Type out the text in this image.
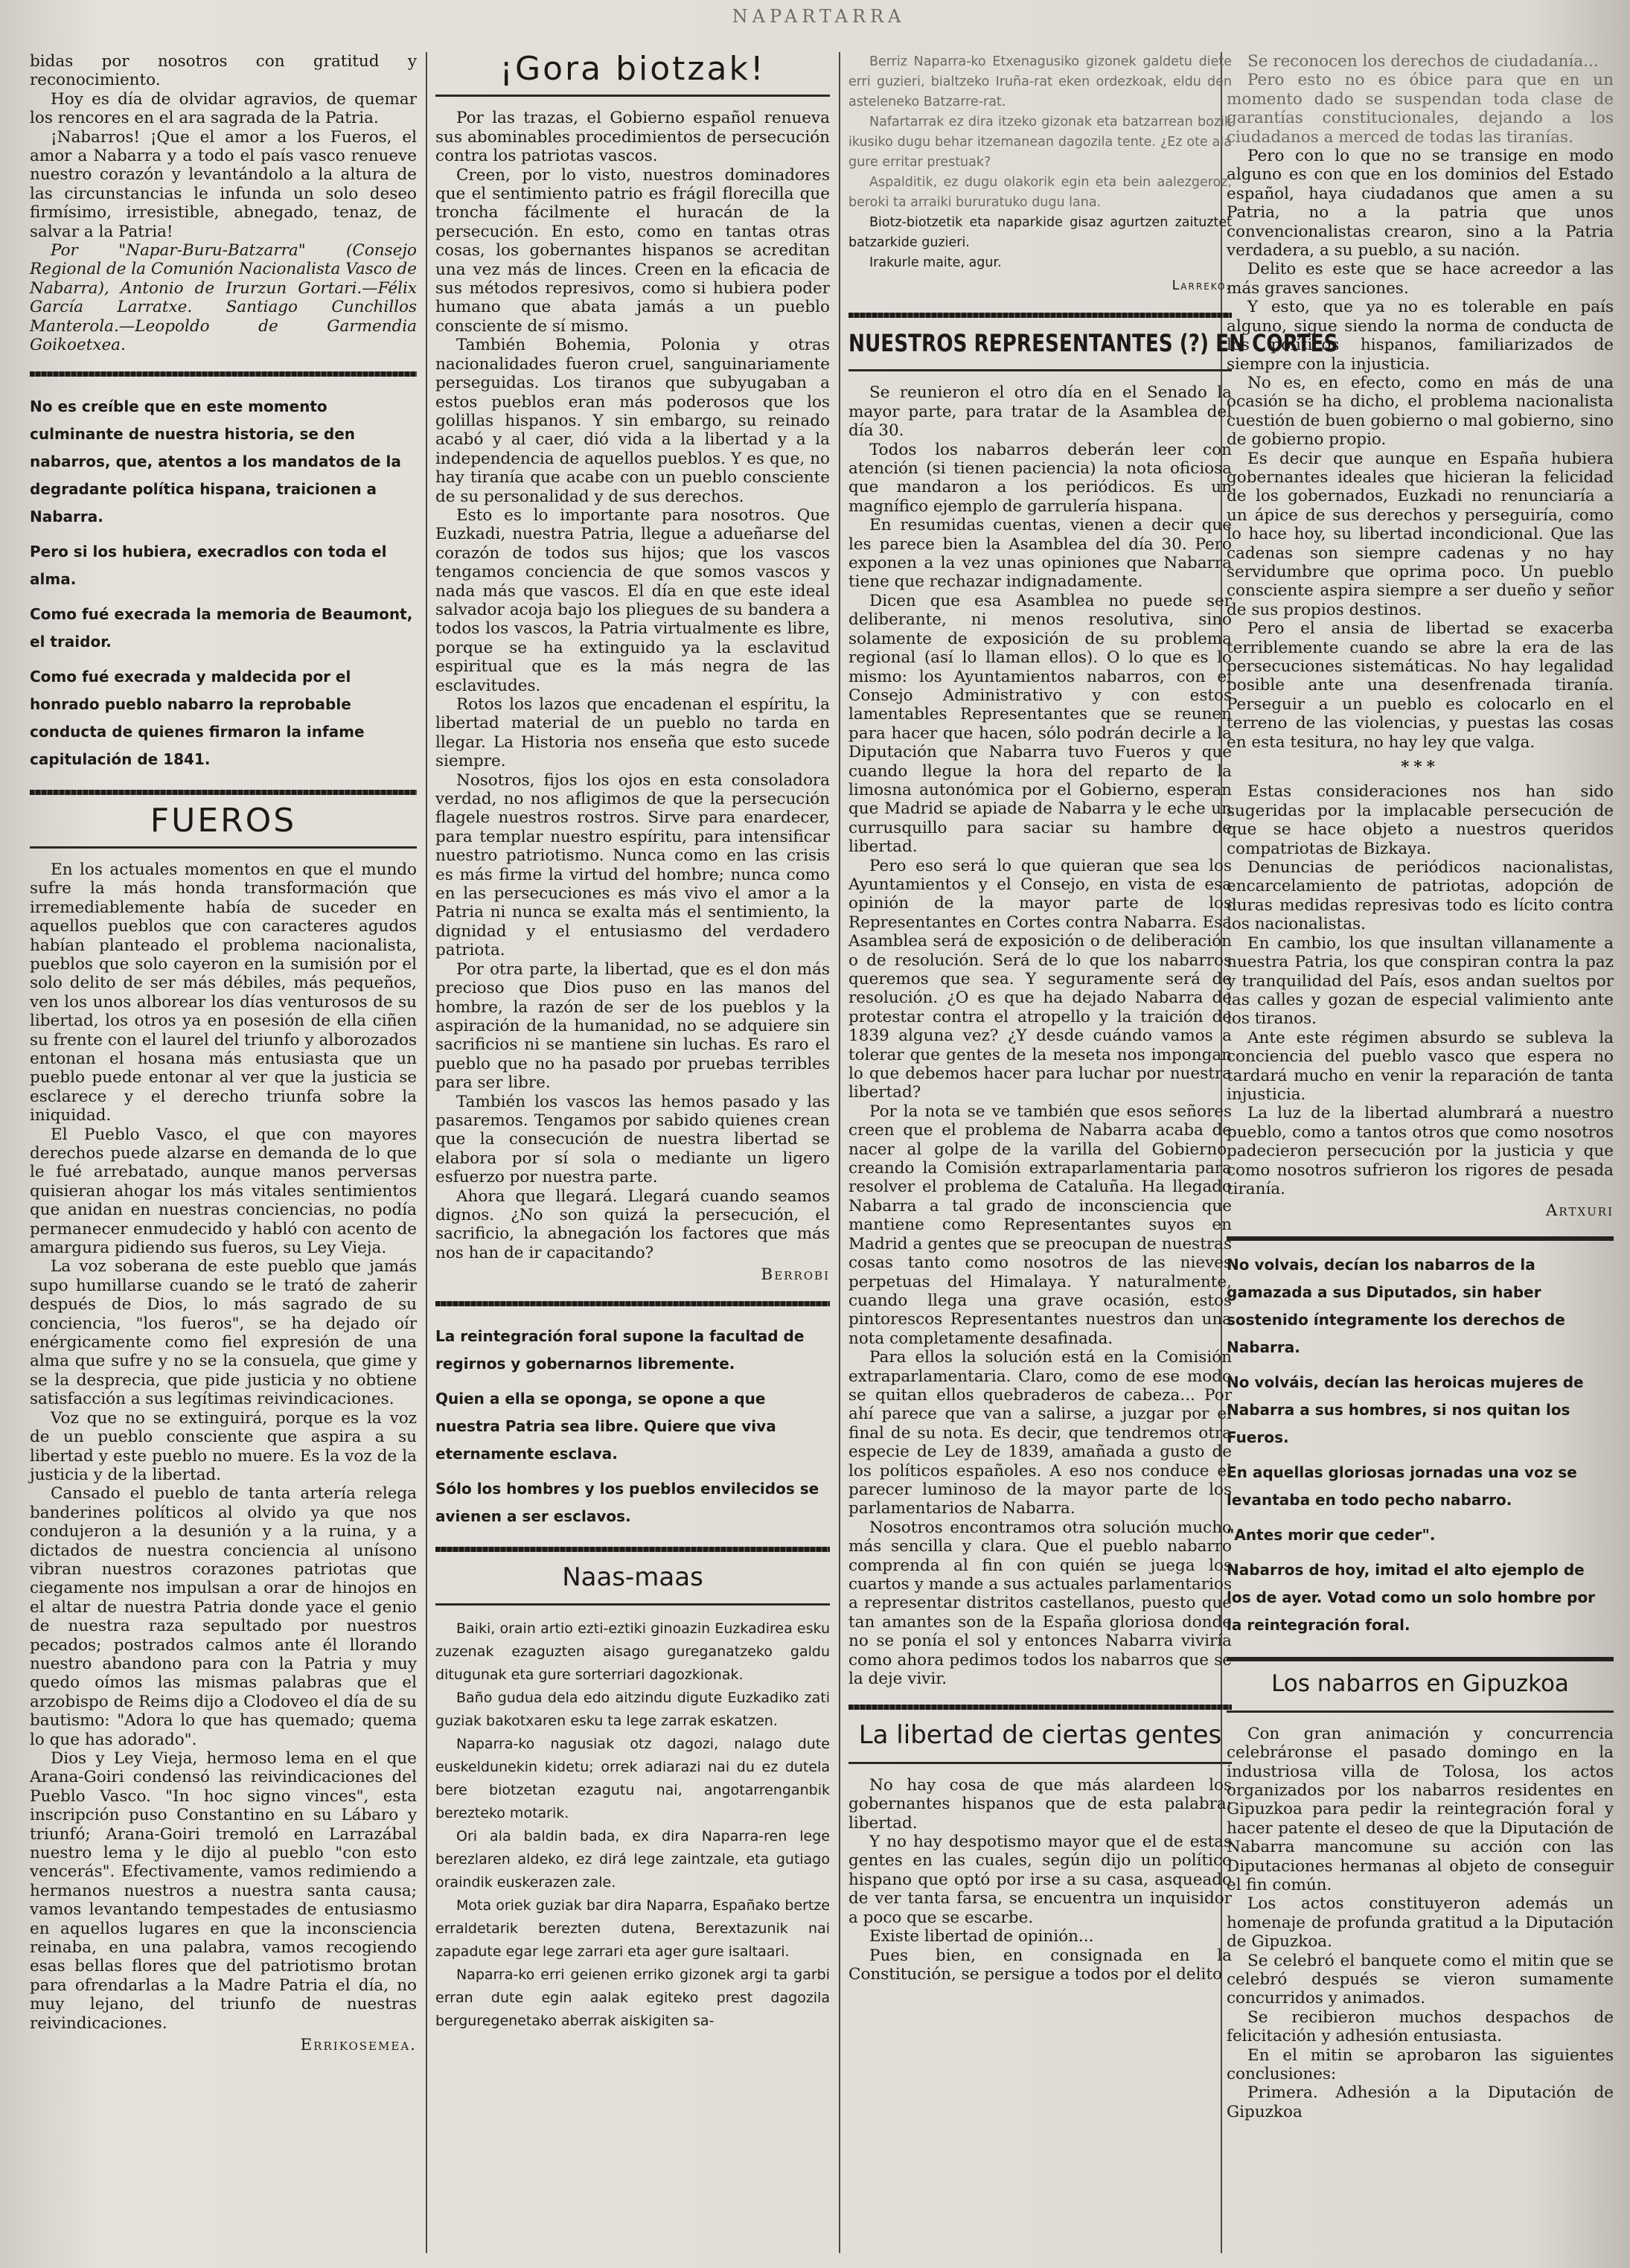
NAPARTARRA

bidas por nosotros con gratitud y reconocimiento.

Hoy es día de olvidar agravios, de quemar los rencores en el ara sagrada de la Patria.

¡Nabarros! ¡Que el amor a los Fueros, el amor a Nabarra y a todo el país vasco renueve nuestro corazón y levantándolo a la altura de las circunstancias le infunda un solo deseo firmísimo, irresistible, abnegado, tenaz, de salvar a la Patria!

Por "Napar-Buru-Batzarra" (Consejo Regional de la Comunión Nacionalista Vasco de Nabarra), Antonio de Irurzun Gortari.—Félix García Larratxe. Santiago Cunchillos Manterola.—Leopoldo de Garmendia Goikoetxea.

No es creíble que en este momento culminante de nuestra historia, se den nabarros, que, atentos a los mandatos de la degradante política hispana, traicionen a Nabarra.

Pero si los hubiera, execradlos con toda el alma.

Como fué execrada la memoria de Beaumont, el traidor.

Como fué execrada y maldecida por el honrado pueblo nabarro la reprobable conducta de quienes firmaron la infame capitulación de 1841.

FUEROS

En los actuales momentos en que el mundo sufre la más honda transformación que irremediablemente había de suceder en aquellos pueblos que con caracteres agudos habían planteado el problema nacionalista, pueblos que solo cayeron en la sumisión por el solo delito de ser más débiles, más pequeños, ven los unos alborear los días venturosos de su libertad, los otros ya en posesión de ella ciñen su frente con el laurel del triunfo y alborozados entonan el hosana más entusiasta que un pueblo puede entonar al ver que la justicia se esclarece y el derecho triunfa sobre la iniquidad.

El Pueblo Vasco, el que con mayores derechos puede alzarse en demanda de lo que le fué arrebatado, aunque manos perversas quisieran ahogar los más vitales sentimientos que anidan en nuestras conciencias, no podía permanecer enmudecido y habló con acento de amargura pidiendo sus fueros, su Ley Vieja.

La voz soberana de este pueblo que jamás supo humillarse cuando se le trató de zaherir después de Dios, lo más sagrado de su conciencia, "los fueros", se ha dejado oír enérgicamente como fiel expresión de una alma que sufre y no se la consuela, que gime y se la desprecia, que pide justicia y no obtiene satisfacción a sus legítimas reivindicaciones.

Voz que no se extinguirá, porque es la voz de un pueblo consciente que aspira a su libertad y este pueblo no muere. Es la voz de la justicia y de la libertad.

Cansado el pueblo de tanta artería relega banderines políticos al olvido ya que nos condujeron a la desunión y a la ruina, y a dictados de nuestra conciencia al unísono vibran nuestros corazones patriotas que ciegamente nos impulsan a orar de hinojos en el altar de nuestra Patria donde yace el genio de nuestra raza sepultado por nuestros pecados; postrados calmos ante él llorando nuestro abandono para con la Patria y muy quedo oímos las mismas palabras que el arzobispo de Reims dijo a Clodoveo el día de su bautismo: "Adora lo que has quemado; quema lo que has adorado".

Dios y Ley Vieja, hermoso lema en el que Arana-Goiri condensó las reivindicaciones del Pueblo Vasco. "In hoc signo vinces", esta inscripción puso Constantino en su Lábaro y triunfó; Arana-Goiri tremoló en Larrazábal nuestro lema y le dijo al pueblo "con esto vencerás". Efectivamente, vamos redimiendo a hermanos nuestros a nuestra santa causa; vamos levantando tempestades de entusiasmo en aquellos lugares en que la inconsciencia reinaba, en una palabra, vamos recogiendo esas bellas flores que del patriotismo brotan para ofrendarlas a la Madre Patria el día, no muy lejano, del triunfo de nuestras reivindicaciones.

Errikosemea.

¡Gora biotzak!

Por las trazas, el Gobierno español renueva sus abominables procedimientos de persecución contra los patriotas vascos.

Creen, por lo visto, nuestros dominadores que el sentimiento patrio es frágil florecilla que troncha fácilmente el huracán de la persecución. En esto, como en tantas otras cosas, los gobernantes hispanos se acreditan una vez más de linces. Creen en la eficacia de sus métodos represivos, como si hubiera poder humano que abata jamás a un pueblo consciente de sí mismo.

También Bohemia, Polonia y otras nacionalidades fueron cruel, sanguinariamente perseguidas. Los tiranos que subyugaban a estos pueblos eran más poderosos que los golillas hispanos. Y sin embargo, su reinado acabó y al caer, dió vida a la libertad y a la independencia de aquellos pueblos. Y es que, no hay tiranía que acabe con un pueblo consciente de su personalidad y de sus derechos.

Esto es lo importante para nosotros. Que Euzkadi, nuestra Patria, llegue a adueñarse del corazón de todos sus hijos; que los vascos tengamos conciencia de que somos vascos y nada más que vascos. El día en que este ideal salvador acoja bajo los pliegues de su bandera a todos los vascos, la Patria virtualmente es libre, porque se ha extinguido ya la esclavitud espiritual que es la más negra de las esclavitudes.

Rotos los lazos que encadenan el espíritu, la libertad material de un pueblo no tarda en llegar. La Historia nos enseña que esto sucede siempre.

Nosotros, fijos los ojos en esta consoladora verdad, no nos afligimos de que la persecución flagele nuestros rostros. Sirve para enardecer, para templar nuestro espíritu, para intensificar nuestro patriotismo. Nunca como en las crisis es más firme la virtud del hombre; nunca como en las persecuciones es más vivo el amor a la Patria ni nunca se exalta más el sentimiento, la dignidad y el entusiasmo del verdadero patriota.

Por otra parte, la libertad, que es el don más precioso que Dios puso en las manos del hombre, la razón de ser de los pueblos y la aspiración de la humanidad, no se adquiere sin sacrificios ni se mantiene sin luchas. Es raro el pueblo que no ha pasado por pruebas terribles para ser libre.

También los vascos las hemos pasado y las pasaremos. Tengamos por sabido quienes crean que la consecución de nuestra libertad se elabora por sí sola o mediante un ligero esfuerzo por nuestra parte.

Ahora que llegará. Llegará cuando seamos dignos. ¿No son quizá la persecución, el sacrificio, la abnegación los factores que más nos han de ir capacitando?

Berrobi

La reintegración foral supone la facultad de regirnos y gobernarnos libremente.

Quien a ella se oponga, se opone a que nuestra Patria sea libre. Quiere que viva eternamente esclava.

Sólo los hombres y los pueblos envilecidos se avienen a ser esclavos.

Naas-maas

Baiki, orain artio ezti-eztiki ginoazin Euzkadirea esku zuzenak ezaguzten aisago gureganatzeko galdu ditugunak eta gure sorterriari dagozkionak.

Baño gudua dela edo aitzindu digute Euzkadiko zati guziak bakotxaren esku ta lege zarrak eskatzen.

Naparra-ko nagusiak otz dagozi, nalago dute euskeldunekin kidetu; orrek adiarazi nai du ez dutela bere biotzetan ezagutu nai, angotarrenganbik berezteko motarik.

Ori ala baldin bada, ex dira Naparra-ren lege berezlaren aldeko, ez dirá lege zaintzale, eta gutiago oraindik euskerazen zale.

Mota oriek guziak bar dira Naparra, Españako bertze erraldetarik berezten dutena, Berextazunik nai zapadute egar lege zarrari eta ager gure isaltaari.

Naparra-ko erri geienen erriko gizonek argi ta garbi erran dute egin aalak egiteko prest dagozila berguregenetako aberrak aiskigiten sa-

Berriz Naparra-ko Etxenagusiko gizonek galdetu diete erri guzieri, bialtzeko Iruña-rat eken ordezkoak, eldu den asteleneko Batzarre-rat.

Nafartarrak ez dira itzeko gizonak eta batzarrean bozik ikusiko dugu behar itzemanean dagozila tente. ¿Ez ote ala gure erritar prestuak?

Aspalditik, ez dugu olakorik egin eta bein aalezgeroz, beroki ta arraiki bururatuko dugu lana.

Biotz-biotzetik eta naparkide gisaz agurtzen zaituztet batzarkide guzieri.

Irakurle maite, agur.

Larreko.

NUESTROS REPRESENTANTES (?) EN CORTES

Se reunieron el otro día en el Senado la mayor parte, para tratar de la Asamblea del día 30.

Todos los nabarros deberán leer con atención (si tienen paciencia) la nota oficiosa que mandaron a los periódicos. Es un magnífico ejemplo de garrulería hispana.

En resumidas cuentas, vienen a decir que les parece bien la Asamblea del día 30. Pero exponen a la vez unas opiniones que Nabarra tiene que rechazar indignadamente.

Dicen que esa Asamblea no puede ser deliberante, ni menos resolutiva, sino solamente de exposición de su problema regional (así lo llaman ellos). O lo que es lo mismo: los Ayuntamientos nabarros, con el Consejo Administrativo y con estos lamentables Representantes que se reunen para hacer que hacen, sólo podrán decirle a la Diputación que Nabarra tuvo Fueros y que cuando llegue la hora del reparto de la limosna autonómica por el Gobierno, esperan que Madrid se apiade de Nabarra y le eche un currusquillo para saciar su hambre de libertad.

Pero eso será lo que quieran que sea los Ayuntamientos y el Consejo, en vista de esa opinión de la mayor parte de los Representantes en Cortes contra Nabarra. Esa Asamblea será de exposición o de deliberación o de resolución. Será de lo que los nabarros queremos que sea. Y seguramente será de resolución. ¿O es que ha dejado Nabarra de protestar contra el atropello y la traición de 1839 alguna vez? ¿Y desde cuándo vamos a tolerar que gentes de la meseta nos impongan lo que debemos hacer para luchar por nuestra libertad?

Por la nota se ve también que esos señores creen que el problema de Nabarra acaba de nacer al golpe de la varilla del Gobierno, creando la Comisión extraparlamentaria para resolver el problema de Cataluña. Ha llegado Nabarra a tal grado de inconsciencia que mantiene como Representantes suyos en Madrid a gentes que se preocupan de nuestras cosas tanto como nosotros de las nieves perpetuas del Himalaya. Y naturalmente, cuando llega una grave ocasión, estos pintorescos Representantes nuestros dan una nota completamente desafinada.

Para ellos la solución está en la Comisión extraparlamentaria. Claro, como de ese modo se quitan ellos quebraderos de cabeza... Por ahí parece que van a salirse, a juzgar por el final de su nota. Es decir, que tendremos otra especie de Ley de 1839, amañada a gusto de los políticos españoles. A eso nos conduce el parecer luminoso de la mayor parte de los parlamentarios de Nabarra.

Nosotros encontramos otra solución mucho más sencilla y clara. Que el pueblo nabarro comprenda al fin con quién se juega los cuartos y mande a sus actuales parlamentarios a representar distritos castellanos, puesto que tan amantes son de la España gloriosa donde no se ponía el sol y entonces Nabarra viviría como ahora pedimos todos los nabarros que se la deje vivir.

La libertad de ciertas gentes

No hay cosa de que más alardeen los gobernantes hispanos que de esta palabra: libertad.

Y no hay despotismo mayor que el de estas gentes en las cuales, según dijo un político hispano que optó por irse a su casa, asqueado de ver tanta farsa, se encuentra un inquisidor a poco que se escarbe.

Existe libertad de opinión...

Pues bien, en consignada en la Constitución, se persigue a todos por el delito

Se reconocen los derechos de ciudadanía...

Pero esto no es óbice para que en un momento dado se suspendan toda clase de garantías constitucionales, dejando a los ciudadanos a merced de todas las tiranías.

Pero con lo que no se transige en modo alguno es con que en los dominios del Estado español, haya ciudadanos que amen a su Patria, no a la patria que unos convencionalistas crearon, sino a la Patria verdadera, a su pueblo, a su nación.

Delito es este que se hace acreedor a las más graves sanciones.

Y esto, que ya no es tolerable en país alguno, sigue siendo la norma de conducta de los políticos hispanos, familiarizados de siempre con la injusticia.

No es, en efecto, como en más de una ocasión se ha dicho, el problema nacionalista cuestión de buen gobierno o mal gobierno, sino de gobierno propio.

Es decir que aunque en España hubiera gobernantes ideales que hicieran la felicidad de los gobernados, Euzkadi no renunciaría a un ápice de sus derechos y perseguiría, como lo hace hoy, su libertad incondicional. Que las cadenas son siempre cadenas y no hay servidumbre que oprima poco. Un pueblo consciente aspira siempre a ser dueño y señor de sus propios destinos.

Pero el ansia de libertad se exacerba terriblemente cuando se abre la era de las persecuciones sistemáticas. No hay legalidad posible ante una desenfrenada tiranía. Perseguir a un pueblo es colocarlo en el terreno de las violencias, y puestas las cosas en esta tesitura, no hay ley que valga.

***

Estas consideraciones nos han sido sugeridas por la implacable persecución de que se hace objeto a nuestros queridos compatriotas de Bizkaya.

Denuncias de periódicos nacionalistas, encarcelamiento de patriotas, adopción de duras medidas represivas todo es lícito contra los nacionalistas.

En cambio, los que insultan villanamente a nuestra Patria, los que conspiran contra la paz y tranquilidad del País, esos andan sueltos por las calles y gozan de especial valimiento ante los tiranos.

Ante este régimen absurdo se subleva la conciencia del pueblo vasco que espera no tardará mucho en venir la reparación de tanta injusticia.

La luz de la libertad alumbrará a nuestro pueblo, como a tantos otros que como nosotros padecieron persecución por la justicia y que como nosotros sufrieron los rigores de pesada tiranía.

Artxuri

No volvais, decían los nabarros de la gamazada a sus Diputados, sin haber sostenido íntegramente los derechos de Nabarra.

No volváis, decían las heroicas mujeres de Nabarra a sus hombres, si nos quitan los Fueros.

En aquellas gloriosas jornadas una voz se levantaba en todo pecho nabarro.

"Antes morir que ceder".

Nabarros de hoy, imitad el alto ejemplo de los de ayer. Votad como un solo hombre por la reintegración foral.

Los nabarros en Gipuzkoa

Con gran animación y concurrencia celebráronse el pasado domingo en la industriosa villa de Tolosa, los actos organizados por los nabarros residentes en Gipuzkoa para pedir la reintegración foral y hacer patente el deseo de que la Diputación de Nabarra mancomune su acción con las Diputaciones hermanas al objeto de conseguir el fin común.

Los actos constituyeron además un homenaje de profunda gratitud a la Diputación de Gipuzkoa.

Se celebró el banquete como el mitin que se celebró después se vieron sumamente concurridos y animados.

Se recibieron muchos despachos de felicitación y adhesión entusiasta.

En el mitin se aprobaron las siguientes conclusiones:

Primera. Adhesión a la Diputación de Gipuzkoa
